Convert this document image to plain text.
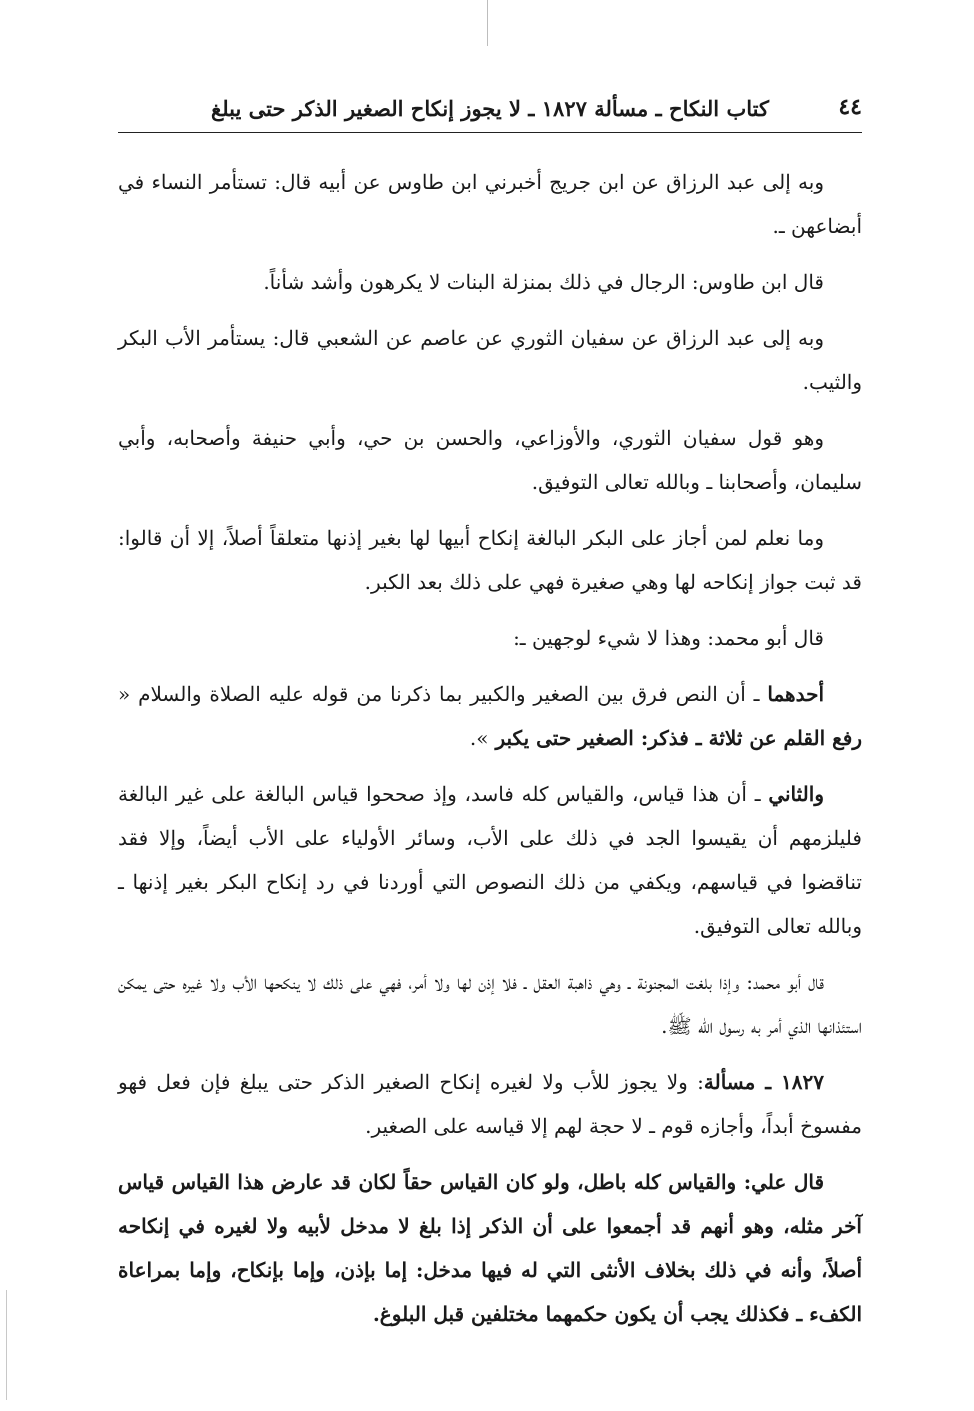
٤٤
كتاب النكاح ـ مسألة ١٨٢٧ ـ لا يجوز إنكاح الصغير الذكر حتى يبلغ

وبه إلى عبد الرزاق عن ابن جريج أخبرني ابن طاوس عن أبيه قال: تستأمر النساء في أبضاعهن ـ.

قال ابن طاوس: الرجال في ذلك بمنزلة البنات لا يكرهون وأشد شأناً.

وبه إلى عبد الرزاق عن سفيان الثوري عن عاصم عن الشعبي قال: يستأمر الأب البكر والثيب.

وهو قول سفيان الثوري، والأوزاعي، والحسن بن حي، وأبي حنيفة وأصحابه، وأبي سليمان، وأصحابنا ـ وبالله تعالى التوفيق.

وما نعلم لمن أجاز على البكر البالغة إنكاح أبيها لها بغير إذنها متعلقاً أصلاً، إلا أن قالوا: قد ثبت جواز إنكاحه لها وهي صغيرة فهي على ذلك بعد الكبر.

قال أبو محمد: وهذا لا شيء لوجهين ـ:

أحدهما ـ أن النص فرق بين الصغير والكبير بما ذكرنا من قوله عليه الصلاة والسلام « رفع القلم عن ثلاثة ـ فذكر: الصغير حتى يكبر ».

والثاني ـ أن هذا قياس، والقياس كله فاسد، وإذ صححوا قياس البالغة على غير البالغة فليلزمهم أن يقيسوا الجد في ذلك على الأب، وسائر الأولياء على الأب أيضاً، وإلا فقد تناقضوا في قياسهم، ويكفي من ذلك النصوص التي أوردنا في رد إنكاح البكر بغير إذنها ـ وبالله تعالى التوفيق.

قال أبو محمد: وإذا بلغت المجنونة ـ وهي ذاهبة العقل ـ فلا إذن لها ولا أمر، فهي على ذلك لا ينكحها الأب ولا غيره حتى يمكن استئذانها الذي أمر به رسول الله ﷺ.

١٨٢٧ ـ مسألة: ولا يجوز للأب ولا لغيره إنكاح الصغير الذكر حتى يبلغ فإن فعل فهو مفسوخ أبداً، وأجازه قوم ـ لا حجة لهم إلا قياسه على الصغير.

قال علي: والقياس كله باطل، ولو كان القياس حقاً لكان قد عارض هذا القياس قياس آخر مثله، وهو أنهم قد أجمعوا على أن الذكر إذا بلغ لا مدخل لأبيه ولا لغيره في إنكاحه أصلاً، وأنه في ذلك بخلاف الأنثى التي له فيها مدخل: إما بإذن، وإما بإنكاح، وإما بمراعاة الكفء ـ فكذلك يجب أن يكون حكمهما مختلفين قبل البلوغ.
